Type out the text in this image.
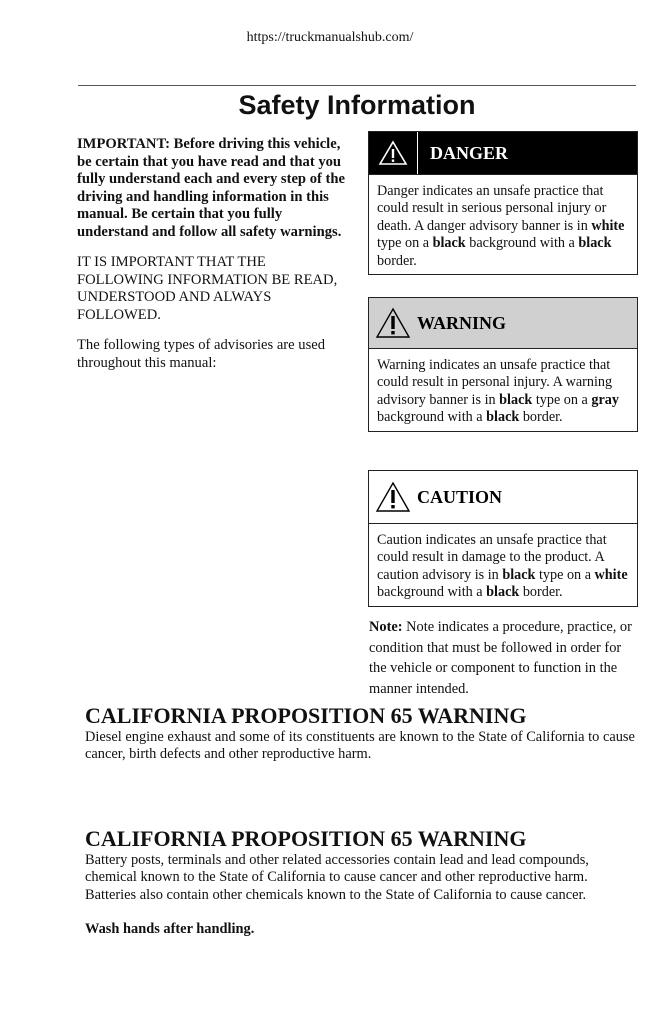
https://truckmanualshub.com/
Safety Information

IMPORTANT: Before driving this vehicle, be certain that you have read and that you fully understand each and every step of the driving and handling information in this manual. Be certain that you fully understand and follow all safety warnings.

IT IS IMPORTANT THAT THE FOLLOWING INFORMATION BE READ, UNDERSTOOD AND ALWAYS FOLLOWED.

The following types of advisories are used throughout this manual:

DANGER
Danger indicates an unsafe practice that could result in serious personal injury or death. A danger advisory banner is in white type on a black background with a black border.
WARNING
Warning indicates an unsafe practice that could result in personal injury. A warning advisory banner is in black type on a gray background with a black border.
CAUTION
Caution indicates an unsafe practice that could result in damage to the product. A caution advisory is in black type on a white background with a black border.
Note: Note indicates a procedure, practice, or condition that must be followed in order for the vehicle or component to function in the manner intended.
CALIFORNIA PROPOSITION 65 WARNING

Diesel engine exhaust and some of its constituents are known to the State of California to cause cancer, birth defects and other reproductive harm.

CALIFORNIA PROPOSITION 65 WARNING

Battery posts, terminals and other related accessories contain lead and lead compounds, chemical known to the State of California to cause cancer and other reproductive harm.

Batteries also contain other chemicals known to the State of California to cause cancer.

Wash hands after handling.
